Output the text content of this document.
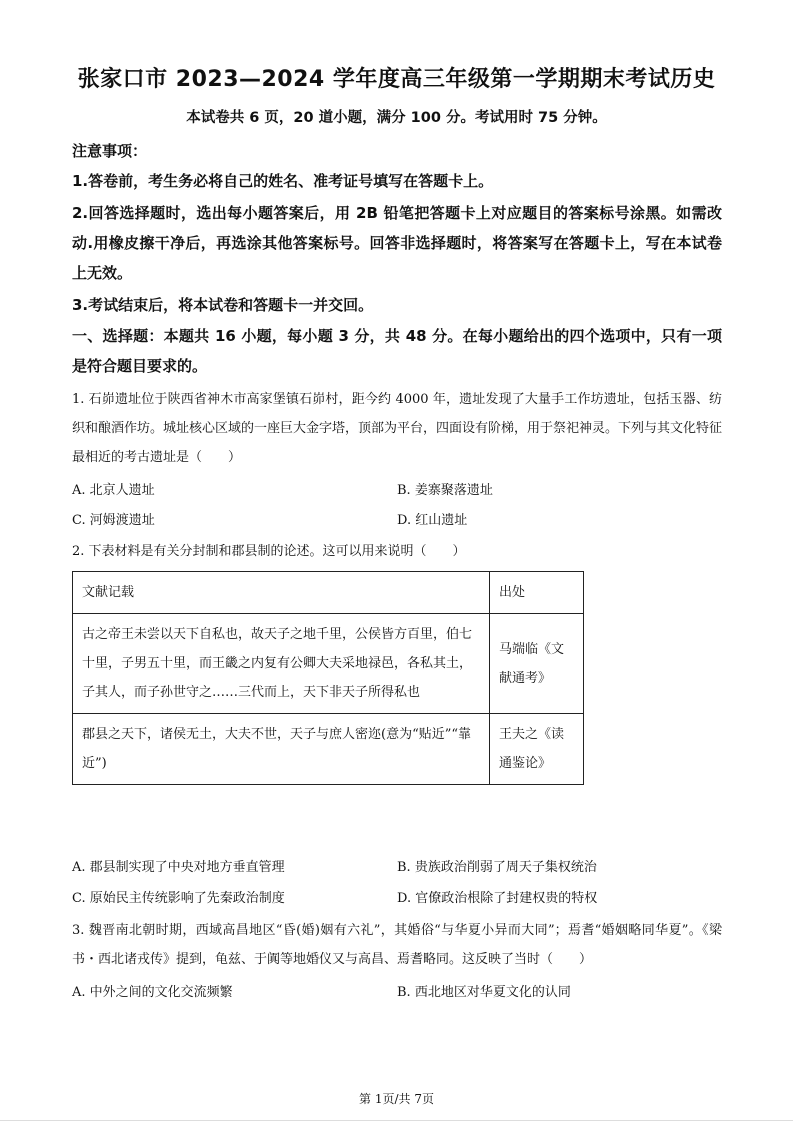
张家口市 2023—2024 学年度高三年级第一学期期末考试历史
本试卷共 6 页，20 道小题，满分 100 分。考试用时 75 分钟。
注意事项：
1.答卷前，考生务必将自己的姓名、准考证号填写在答题卡上。
2.回答选择题时，选出每小题答案后，用 2B 铅笔把答题卡上对应题目的答案标号涂黑。如需改动.用橡皮擦干净后，再选涂其他答案标号。回答非选择题时，将答案写在答题卡上，写在本试卷上无效。
3.考试结束后，将本试卷和答题卡一并交回。
一、选择题：本题共 16 小题，每小题 3 分，共 48 分。在每小题给出的四个选项中，只有一项是符合题目要求的。
1. 石峁遗址位于陕西省神木市高家堡镇石峁村，距今约 4000 年，遗址发现了大量手工作坊遗址，包括玉器、纺织和酿酒作坊。城址核心区域的一座巨大金字塔，顶部为平台，四面设有阶梯，用于祭祀神灵。下列与其文化特征最相近的考古遗址是（　　）
A. 北京人遗址	B. 姜寨聚落遗址
C. 河姆渡遗址	D. 红山遗址
2. 下表材料是有关分封制和郡县制的论述。这可以用来说明（　　）
文献记载	出处
古之帝王未尝以天下自私也，故天子之地千里，公侯皆方百里，伯七十里，子男五十里，而王畿之内复有公卿大夫采地禄邑，各私其土，子其人，而子孙世守之……三代而上，天下非天子所得私也	马端临《文献通考》
郡县之天下，诸侯无土，大夫不世，天子与庶人密迩(意为“贴近”“靠近”)	王夫之《读通鉴论》
A. 郡县制实现了中央对地方垂直管理	B. 贵族政治削弱了周天子集权统治
C. 原始民主传统影响了先秦政治制度	D. 官僚政治根除了封建权贵的特权
3. 魏晋南北朝时期，西域高昌地区“昏(婚)姻有六礼”，其婚俗“与华夏小异而大同”；焉耆“婚姻略同华夏”。《梁书・西北诸戎传》提到，龟兹、于阗等地婚仪又与高昌、焉耆略同。这反映了当时（　　）
A. 中外之间的文化交流频繁	B. 西北地区对华夏文化的认同
第 1页/共 7页
